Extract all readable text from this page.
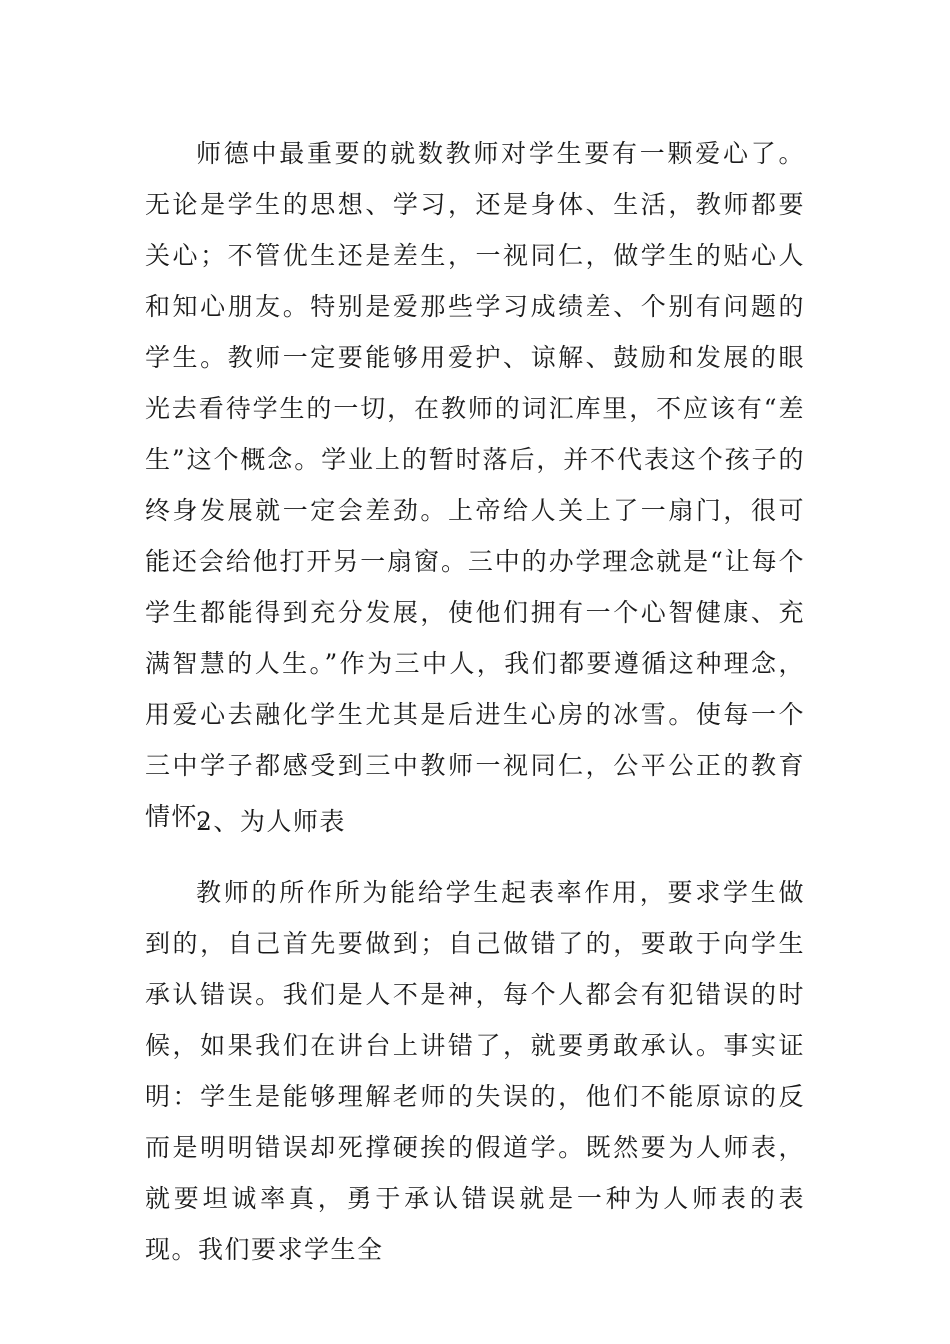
师德中最重要的就数教师对学生要有一颗爱心了。无论是学生的思想、学习，还是身体、生活，教师都要关心；不管优生还是差生，一视同仁，做学生的贴心人和知心朋友。特别是爱那些学习成绩差、个别有问题的学生。教师一定要能够用爱护、谅解、鼓励和发展的眼光去看待学生的一切，在教师的词汇库里，不应该有“差生”这个概念。学业上的暂时落后，并不代表这个孩子的终身发展就一定会差劲。上帝给人关上了一扇门，很可能还会给他打开另一扇窗。三中的办学理念就是“让每个学生都能得到充分发展，使他们拥有一个心智健康、充满智慧的人生。”作为三中人，我们都要遵循这种理念，用爱心去融化学生尤其是后进生心房的冰雪。使每一个三中学子都感受到三中教师一视同仁，公平公正的教育情怀。

2、为人师表

教师的所作所为能给学生起表率作用，要求学生做到的，自己首先要做到；自己做错了的，要敢于向学生承认错误。我们是人不是神，每个人都会有犯错误的时候，如果我们在讲台上讲错了，就要勇敢承认。事实证明：学生是能够理解老师的失误的，他们不能原谅的反而是明明错误却死撑硬挨的假道学。既然要为人师表，就要坦诚率真，勇于承认错误就是一种为人师表的表现。我们要求学生全
